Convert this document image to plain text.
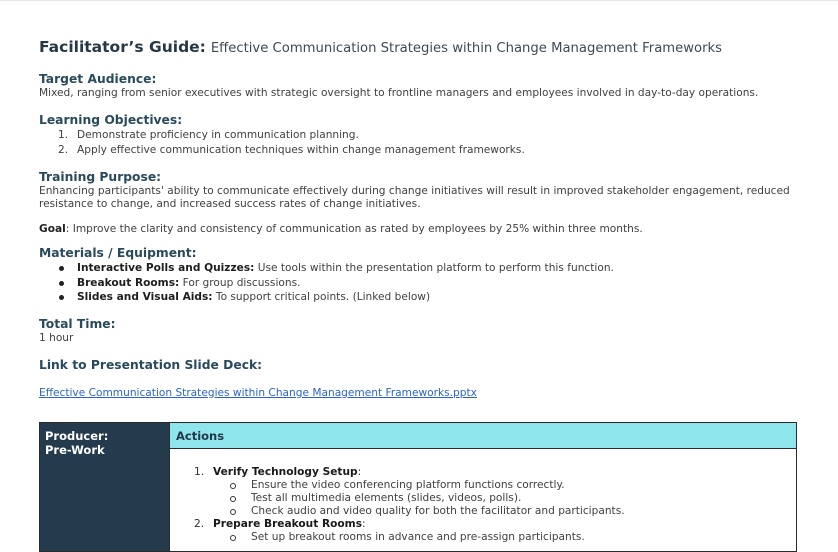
Facilitator’s Guide: Effective Communication Strategies within Change Management Frameworks
Target Audience:
Mixed, ranging from senior executives with strategic oversight to frontline managers and employees involved in day-to-day operations.
Learning Objectives:
1. Demonstrate proficiency in communication planning.
2. Apply effective communication techniques within change management frameworks.
Training Purpose:
Enhancing participants' ability to communicate effectively during change initiatives will result in improved stakeholder engagement, reduced resistance to change, and increased success rates of change initiatives.
Goal: Improve the clarity and consistency of communication as rated by employees by 25% within three months.
Materials / Equipment:
Interactive Polls and Quizzes: Use tools within the presentation platform to perform this function.
Breakout Rooms: For group discussions.
Slides and Visual Aids: To support critical points. (Linked below)
Total Time:
1 hour
Link to Presentation Slide Deck:
Effective Communication Strategies within Change Management Frameworks.pptx
Producer:
Pre-Work
Actions
1. Verify Technology Setup:
Ensure the video conferencing platform functions correctly.
Test all multimedia elements (slides, videos, polls).
Check audio and video quality for both the facilitator and participants.
2. Prepare Breakout Rooms:
Set up breakout rooms in advance and pre-assign participants.
